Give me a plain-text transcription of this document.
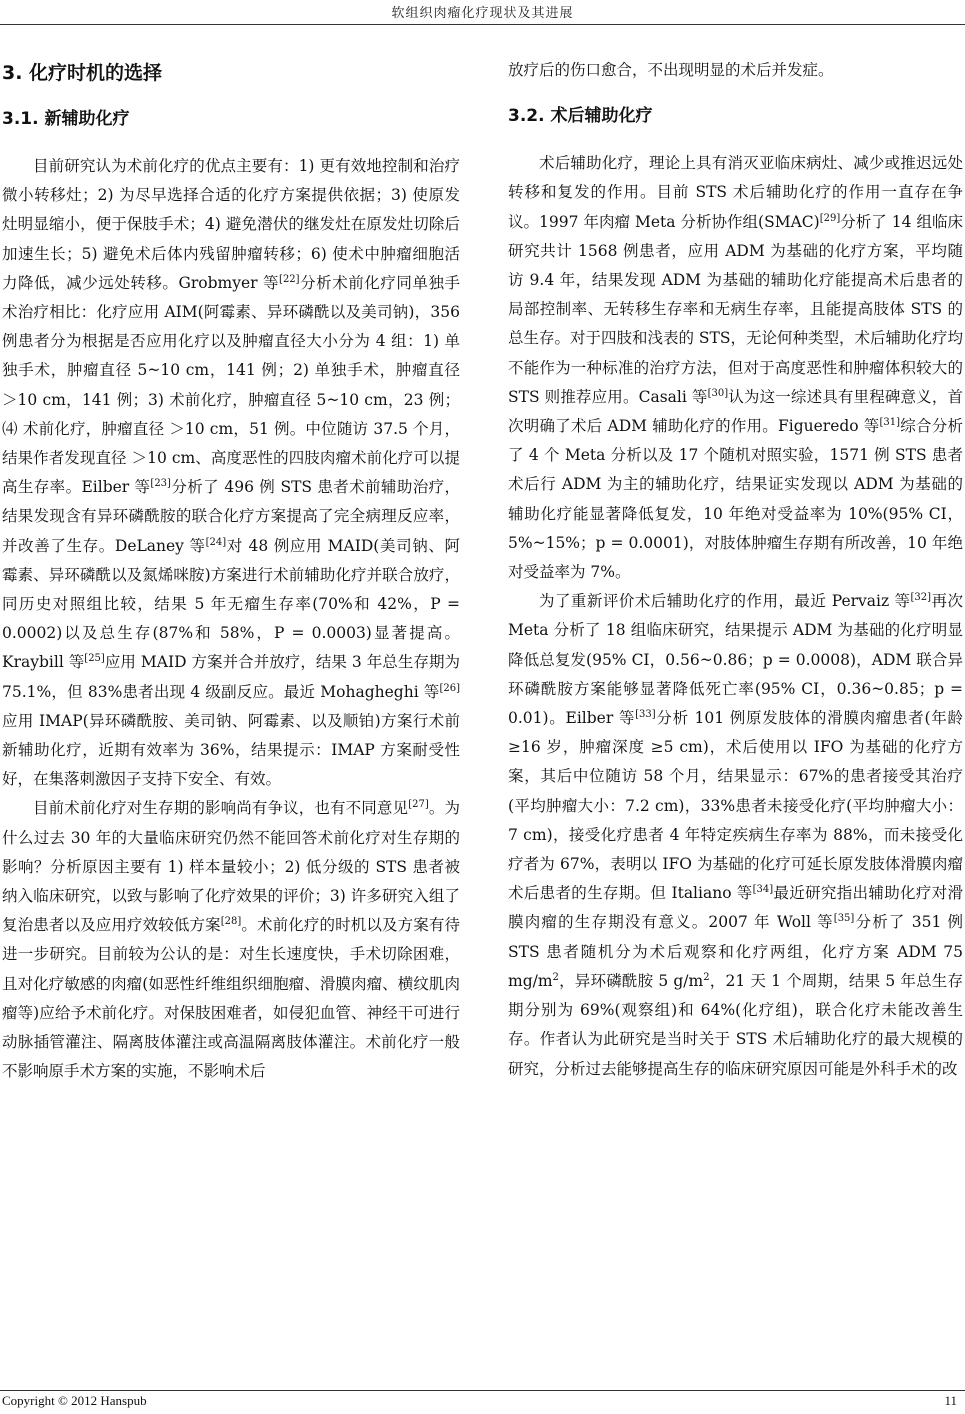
软组织肉瘤化疗现状及其进展
3. 化疗时机的选择
3.1. 新辅助化疗

目前研究认为术前化疗的优点主要有：1) 更有效地控制和治疗微小转移灶；2) 为尽早选择合适的化疗方案提供依据；3) 使原发灶明显缩小，便于保肢手术；4) 避免潜伏的继发灶在原发灶切除后加速生长；5) 避免术后体内残留肿瘤转移；6) 使术中肿瘤细胞活力降低，减少远处转移。Grobmyer 等[22]分析术前化疗同单独手术治疗相比：化疗应用 AIM(阿霉素、异环磷酰以及美司钠)，356 例患者分为根据是否应用化疗以及肿瘤直径大小分为 4 组：1) 单独手术，肿瘤直径 5~10 cm，141 例；2) 单独手术，肿瘤直径 ＞10 cm，141 例；3) 术前化疗，肿瘤直径 5~10 cm，23 例；⑷ 术前化疗，肿瘤直径 ＞10 cm，51 例。中位随访 37.5 个月，结果作者发现直径 ＞10 cm、高度恶性的四肢肉瘤术前化疗可以提高生存率。Eilber 等[23]分析了 496 例 STS 患者术前辅助治疗，结果发现含有异环磷酰胺的联合化疗方案提高了完全病理反应率，并改善了生存。DeLaney 等[24]对 48 例应用 MAID(美司钠、阿霉素、异环磷酰以及氮烯咪胺)方案进行术前辅助化疗并联合放疗，同历史对照组比较，结果 5 年无瘤生存率(70%和 42%，P = 0.0002)以及总生存(87%和 58%，P = 0.0003)显著提高。Kraybill 等[25]应用 MAID 方案并合并放疗，结果 3 年总生存期为 75.1%，但 83%患者出现 4 级副反应。最近 Mohagheghi 等[26]应用 IMAP(异环磷酰胺、美司钠、阿霉素、以及顺铂)方案行术前新辅助化疗，近期有效率为 36%，结果提示：IMAP 方案耐受性好，在集落刺激因子支持下安全、有效。

目前术前化疗对生存期的影响尚有争议，也有不同意见[27]。为什么过去 30 年的大量临床研究仍然不能回答术前化疗对生存期的影响？分析原因主要有 1) 样本量较小；2) 低分级的 STS 患者被纳入临床研究，以致与影响了化疗效果的评价；3) 许多研究入组了复治患者以及应用疗效较低方案[28]。术前化疗的时机以及方案有待进一步研究。目前较为公认的是：对生长速度快，手术切除困难，且对化疗敏感的肉瘤(如恶性纤维组织细胞瘤、滑膜肉瘤、横纹肌肉瘤等)应给予术前化疗。对保肢困难者，如侵犯血管、神经干可进行动脉插管灌注、隔离肢体灌注或高温隔离肢体灌注。术前化疗一般不影响原手术方案的实施，不影响术后

放疗后的伤口愈合，不出现明显的术后并发症。

3.2. 术后辅助化疗

术后辅助化疗，理论上具有消灭亚临床病灶、减少或推迟远处转移和复发的作用。目前 STS 术后辅助化疗的作用一直存在争议。1997 年肉瘤 Meta 分析协作组(SMAC)[29]分析了 14 组临床研究共计 1568 例患者，应用 ADM 为基础的化疗方案，平均随访 9.4 年，结果发现 ADM 为基础的辅助化疗能提高术后患者的局部控制率、无转移生存率和无病生存率，且能提高肢体 STS 的总生存。对于四肢和浅表的 STS，无论何种类型，术后辅助化疗均不能作为一种标准的治疗方法，但对于高度恶性和肿瘤体积较大的 STS 则推荐应用。Casali 等[30]认为这一综述具有里程碑意义，首次明确了术后 ADM 辅助化疗的作用。Figueredo 等[31]综合分析了 4 个 Meta 分析以及 17 个随机对照实验，1571 例 STS 患者术后行 ADM 为主的辅助化疗，结果证实发现以 ADM 为基础的辅助化疗能显著降低复发，10 年绝对受益率为 10%(95% CI，5%~15%；p = 0.0001)，对肢体肿瘤生存期有所改善，10 年绝对受益率为 7%。

为了重新评价术后辅助化疗的作用，最近 Pervaiz 等[32]再次 Meta 分析了 18 组临床研究，结果提示 ADM 为基础的化疗明显降低总复发(95% CI，0.56~0.86；p = 0.0008)，ADM 联合异环磷酰胺方案能够显著降低死亡率(95% CI，0.36~0.85；p = 0.01)。Eilber 等[33]分析 101 例原发肢体的滑膜肉瘤患者(年龄 ≥16 岁，肿瘤深度 ≥5 cm)，术后使用以 IFO 为基础的化疗方案，其后中位随访 58 个月，结果显示：67%的患者接受其治疗(平均肿瘤大小：7.2 cm)，33%患者未接受化疗(平均肿瘤大小：7 cm)，接受化疗患者 4 年特定疾病生存率为 88%，而未接受化疗者为 67%，表明以 IFO 为基础的化疗可延长原发肢体滑膜肉瘤术后患者的生存期。但 Italiano 等[34]最近研究指出辅助化疗对滑膜肉瘤的生存期没有意义。2007 年 Woll 等[35]分析了 351 例 STS 患者随机分为术后观察和化疗两组，化疗方案 ADM 75 $mg/m^2$，异环磷酰胺 5 $g/m^2$，21 天 1 个周期，结果 5 年总生存期分别为 69%(观察组)和 64%(化疗组)，联合化疗未能改善生存。作者认为此研究是当时关于 STS 术后辅助化疗的最大规模的研究，分析过去能够提高生存的临床研究原因可能是外科手术的改

Copyright © 2012 Hanspub	11
